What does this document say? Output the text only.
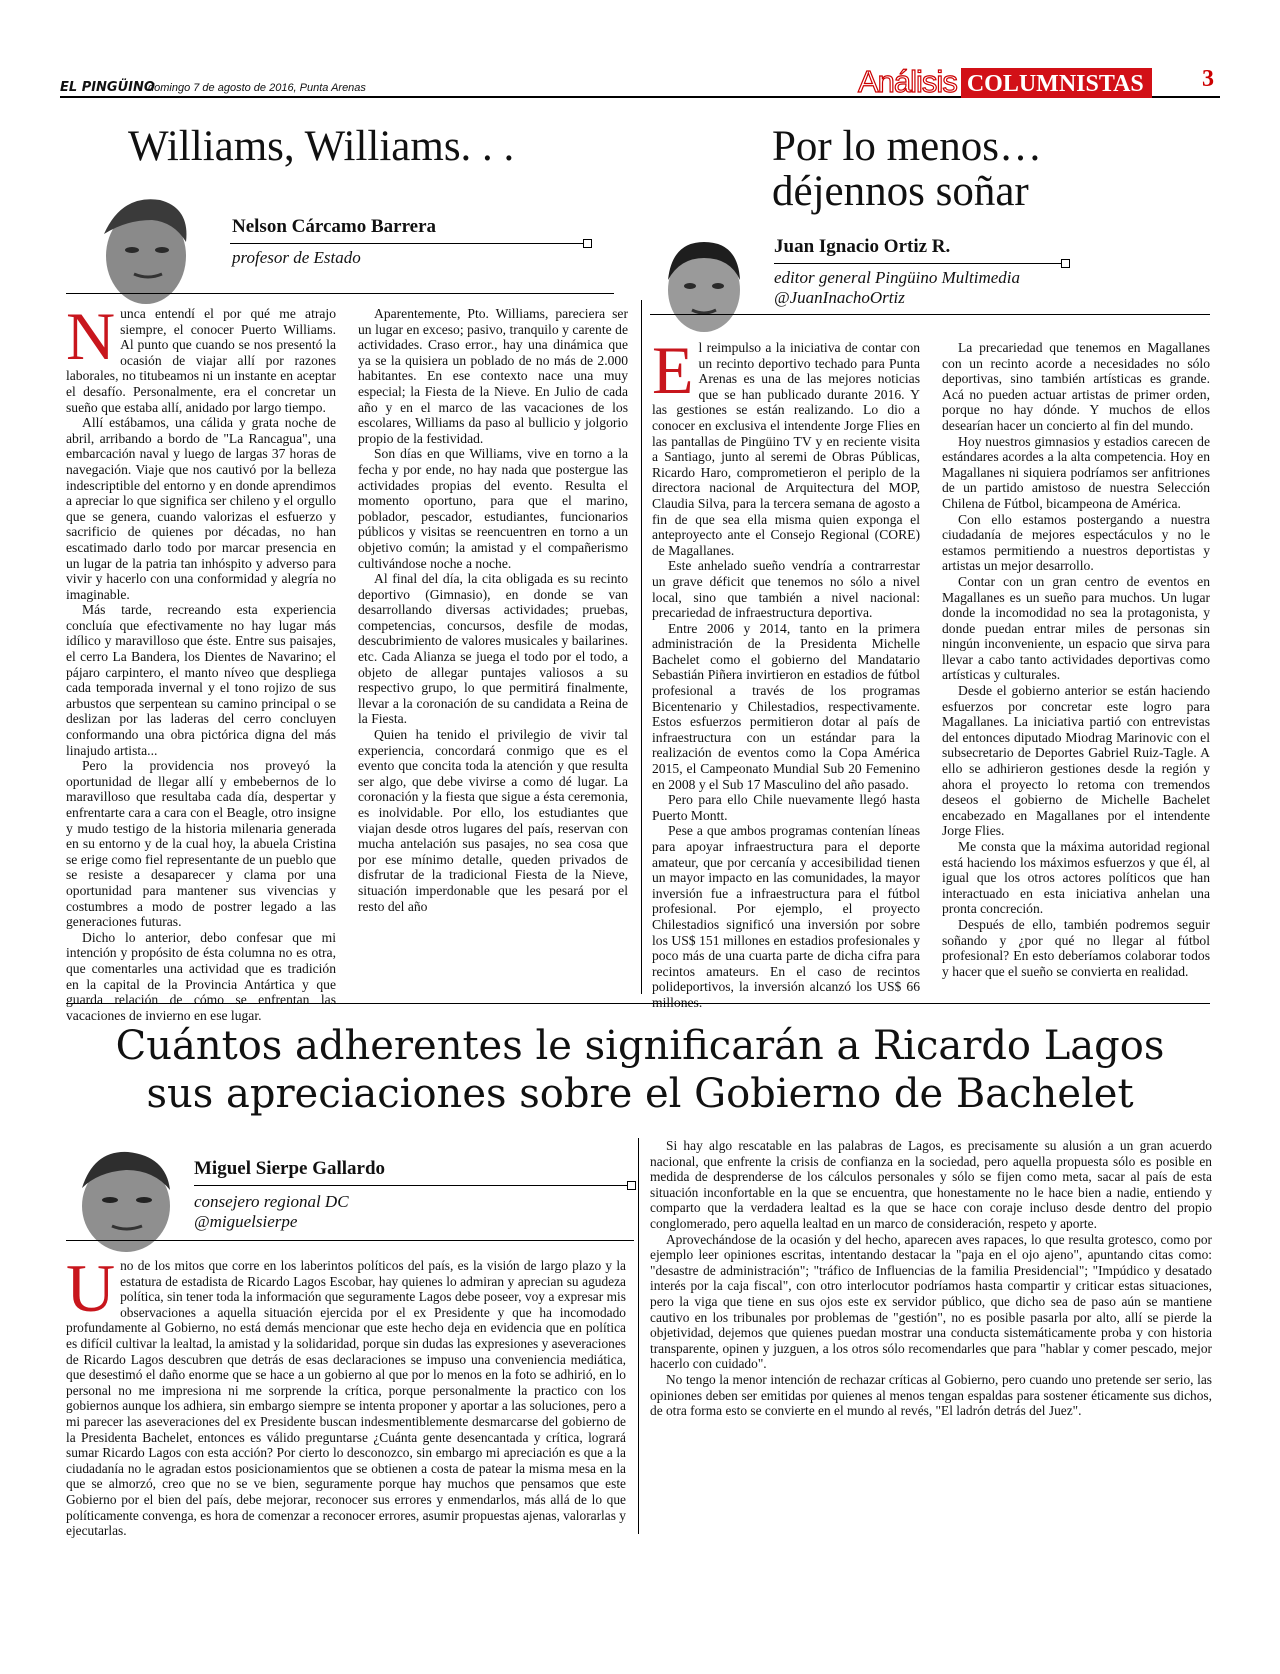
EL PINGÜINO
domingo 7 de agosto de 2016, Punta Arenas	Análisis COLUMNISTAS	3
Williams, Williams. . .
Nelson Cárcamo Barrera
profesor de Estado
N unca entendí el por qué me atrajo siempre, el conocer Puerto Williams. Al punto que cuando se nos presentó la ocasión de viajar allí por razones laborales, no titubeamos ni un instante en aceptar el desafío. Personalmente, era el concretar un sueño que estaba allí, anidado por largo tiempo.

Allí estábamos, una cálida y grata noche de abril, arribando a bordo de "La Rancagua", una embarcación naval y luego de largas 37 horas de navegación. Viaje que nos cautivó por la belleza indescriptible del entorno y en donde aprendimos a apreciar lo que significa ser chileno y el orgullo que se genera, cuando valorizas el esfuerzo y sacrificio de quienes por décadas, no han escatimado darlo todo por marcar presencia en un lugar de la patria tan inhóspito y adverso para vivir y hacerlo con una conformidad y alegría no imaginable.

Más tarde, recreando esta experiencia concluía que efectivamente no hay lugar más idílico y maravilloso que éste. Entre sus paisajes, el cerro La Bandera, los Dientes de Navarino; el pájaro carpintero, el manto níveo que despliega cada temporada invernal y el tono rojizo de sus arbustos que serpentean su camino principal o se deslizan por las laderas del cerro concluyen conformando una obra pictórica digna del más linajudo artista...

Pero la providencia nos proveyó la oportunidad de llegar allí y embebernos de lo maravilloso que resultaba cada día, despertar y enfrentarte cara a cara con el Beagle, otro insigne y mudo testigo de la historia milenaria generada en su entorno y de la cual hoy, la abuela Cristina se erige como fiel representante de un pueblo que se resiste a desaparecer y clama por una oportunidad para mantener sus vivencias y costumbres a modo de postrer legado a las generaciones futuras.

Dicho lo anterior, debo confesar que mi intención y propósito de ésta columna no es otra, que comentarles una actividad que es tradición en la capital de la Provincia Antártica y que guarda relación de cómo se enfrentan las vacaciones de invierno en ese lugar.

Aparentemente, Pto. Williams, pareciera ser un lugar en exceso; pasivo, tranquilo y carente de actividades. Craso error., hay una dinámica que ya se la quisiera un poblado de no más de 2.000 habitantes. En ese contexto nace una muy especial; la Fiesta de la Nieve. En Julio de cada año y en el marco de las vacaciones de los escolares, Williams da paso al bullicio y jolgorio propio de la festividad.

Son días en que Williams, vive en torno a la fecha y por ende, no hay nada que postergue las actividades propias del evento. Resulta el momento oportuno, para que el marino, poblador, pescador, estudiantes, funcionarios públicos y visitas se reencuentren en torno a un objetivo común; la amistad y el compañerismo cultivándose noche a noche.

Al final del día, la cita obligada es su recinto deportivo (Gimnasio), en donde se van desarrollando diversas actividades; pruebas, competencias, concursos, desfile de modas, descubrimiento de valores musicales y bailarines. etc. Cada Alianza se juega el todo por el todo, a objeto de allegar puntajes valiosos a su respectivo grupo, lo que permitirá finalmente, llevar a la coronación de su candidata a Reina de la Fiesta.

Quien ha tenido el privilegio de vivir tal experiencia, concordará conmigo que es el evento que concita toda la atención y que resulta ser algo, que debe vivirse a como dé lugar. La coronación y la fiesta que sigue a ésta ceremonia, es inolvidable. Por ello, los estudiantes que viajan desde otros lugares del país, reservan con mucha antelación sus pasajes, no sea cosa que por ese mínimo detalle, queden privados de disfrutar de la tradicional Fiesta de la Nieve, situación imperdonable que les pesará por el resto del año

Por lo menos…
déjennos soñar
Juan Ignacio Ortiz R.
editor general Pingüino Multimedia
@JuanInachoOrtiz
E l reimpulso a la iniciativa de contar con un recinto deportivo techado para Punta Arenas es una de las mejores noticias que se han publicado durante 2016. Y las gestiones se están realizando. Lo dio a conocer en exclusiva el intendente Jorge Flies en las pantallas de Pingüino TV y en reciente visita a Santiago, junto al seremi de Obras Públicas, Ricardo Haro, comprometieron el periplo de la directora nacional de Arquitectura del MOP, Claudia Silva, para la tercera semana de agosto a fin de que sea ella misma quien exponga el anteproyecto ante el Consejo Regional (CORE) de Magallanes.

Este anhelado sueño vendría a contrarrestar un grave déficit que tenemos no sólo a nivel local, sino que también a nivel nacional: precariedad de infraestructura deportiva.

Entre 2006 y 2014, tanto en la primera administración de la Presidenta Michelle Bachelet como el gobierno del Mandatario Sebastián Piñera invirtieron en estadios de fútbol profesional a través de los programas Bicentenario y Chilestadios, respectivamente. Estos esfuerzos permitieron dotar al país de infraestructura con un estándar para la realización de eventos como la Copa América 2015, el Campeonato Mundial Sub 20 Femenino en 2008 y el Sub 17 Masculino del año pasado.

Pero para ello Chile nuevamente llegó hasta Puerto Montt.

Pese a que ambos programas contenían líneas para apoyar infraestructura para el deporte amateur, que por cercanía y accesibilidad tienen un mayor impacto en las comunidades, la mayor inversión fue a infraestructura para el fútbol profesional. Por ejemplo, el proyecto Chilestadios significó una inversión por sobre los US$ 151 millones en estadios profesionales y poco más de una cuarta parte de dicha cifra para recintos amateurs. En el caso de recintos polideportivos, la inversión alcanzó los US$ 66 millones.

La precariedad que tenemos en Magallanes con un recinto acorde a necesidades no sólo deportivas, sino también artísticas es grande. Acá no pueden actuar artistas de primer orden, porque no hay dónde. Y muchos de ellos desearían hacer un concierto al fin del mundo.

Hoy nuestros gimnasios y estadios carecen de estándares acordes a la alta competencia. Hoy en Magallanes ni siquiera podríamos ser anfitriones de un partido amistoso de nuestra Selección Chilena de Fútbol, bicampeona de América.

Con ello estamos postergando a nuestra ciudadanía de mejores espectáculos y no le estamos permitiendo a nuestros deportistas y artistas un mejor desarrollo.

Contar con un gran centro de eventos en Magallanes es un sueño para muchos. Un lugar donde la incomodidad no sea la protagonista, y donde puedan entrar miles de personas sin ningún inconveniente, un espacio que sirva para llevar a cabo tanto actividades deportivas como artísticas y culturales.

Desde el gobierno anterior se están haciendo esfuerzos por concretar este logro para Magallanes. La iniciativa partió con entrevistas del entonces diputado Miodrag Marinovic con el subsecretario de Deportes Gabriel Ruiz-Tagle. A ello se adhirieron gestiones desde la región y ahora el proyecto lo retoma con tremendos deseos el gobierno de Michelle Bachelet encabezado en Magallanes por el intendente Jorge Flies.

Me consta que la máxima autoridad regional está haciendo los máximos esfuerzos y que él, al igual que los otros actores políticos que han interactuado en esta iniciativa anhelan una pronta concreción.

Después de ello, también podremos seguir soñando y ¿por qué no llegar al fútbol profesional? En esto deberíamos colaborar todos y hacer que el sueño se convierta en realidad.

Cuántos adherentes le significarán a Ricardo Lagos
sus apreciaciones sobre el Gobierno de Bachelet
Miguel Sierpe Gallardo
consejero regional DC
@miguelsierpe
U no de los mitos que corre en los laberintos políticos del país, es la visión de largo plazo y la estatura de estadista de Ricardo Lagos Escobar, hay quienes lo admiran y aprecian su agudeza política, sin tener toda la información que seguramente Lagos debe poseer, voy a expresar mis observaciones a aquella situación ejercida por el ex Presidente y que ha incomodado profundamente al Gobierno, no está demás mencionar que este hecho deja en evidencia que en política es difícil cultivar la lealtad, la amistad y la solidaridad, porque sin dudas las expresiones y aseveraciones de Ricardo Lagos descubren que detrás de esas declaraciones se impuso una conveniencia mediática, que desestimó el daño enorme que se hace a un gobierno al que por lo menos en la foto se adhirió, en lo personal no me impresiona ni me sorprende la crítica, porque personalmente la practico con los gobiernos aunque los adhiera, sin embargo siempre se intenta proponer y aportar a las soluciones, pero a mi parecer las aseveraciones del ex Presidente buscan indesmentiblemente desmarcarse del gobierno de la Presidenta Bachelet, entonces es válido preguntarse ¿Cuánta gente desencantada y crítica, logrará sumar Ricardo Lagos con esta acción? Por cierto lo desconozco, sin embargo mi apreciación es que a la ciudadanía no le agradan estos posicionamientos que se obtienen a costa de patear la misma mesa en la que se almorzó, creo que no se ve bien, seguramente porque hay muchos que pensamos que este Gobierno por el bien del país, debe mejorar, reconocer sus errores y enmendarlos, más allá de lo que políticamente convenga, es hora de comenzar a reconocer errores, asumir propuestas ajenas, valorarlas y ejecutarlas.

Si hay algo rescatable en las palabras de Lagos, es precisamente su alusión a un gran acuerdo nacional, que enfrente la crisis de confianza en la sociedad, pero aquella propuesta sólo es posible en medida de desprenderse de los cálculos personales y sólo se fijen como meta, sacar al país de esta situación inconfortable en la que se encuentra, que honestamente no le hace bien a nadie, entiendo y comparto que la verdadera lealtad es la que se hace con coraje incluso desde dentro del propio conglomerado, pero aquella lealtad en un marco de consideración, respeto y aporte.

Aprovechándose de la ocasión y del hecho, aparecen aves rapaces, lo que resulta grotesco, como por ejemplo leer opiniones escritas, intentando destacar la "paja en el ojo ajeno", apuntando citas como: "desastre de administración"; "tráfico de Influencias de la familia Presidencial"; "Impúdico y desatado interés por la caja fiscal", con otro interlocutor podríamos hasta compartir y criticar estas situaciones, pero la viga que tiene en sus ojos este ex servidor público, que dicho sea de paso aún se mantiene cautivo en los tribunales por problemas de "gestión", no es posible pasarla por alto, allí se pierde la objetividad, dejemos que quienes puedan mostrar una conducta sistemáticamente proba y con historia transparente, opinen y juzguen, a los otros sólo recomendarles que para "hablar y comer pescado, mejor hacerlo con cuidado".

No tengo la menor intención de rechazar críticas al Gobierno, pero cuando uno pretende ser serio, las opiniones deben ser emitidas por quienes al menos tengan espaldas para sostener éticamente sus dichos, de otra forma esto se convierte en el mundo al revés, "El ladrón detrás del Juez".
